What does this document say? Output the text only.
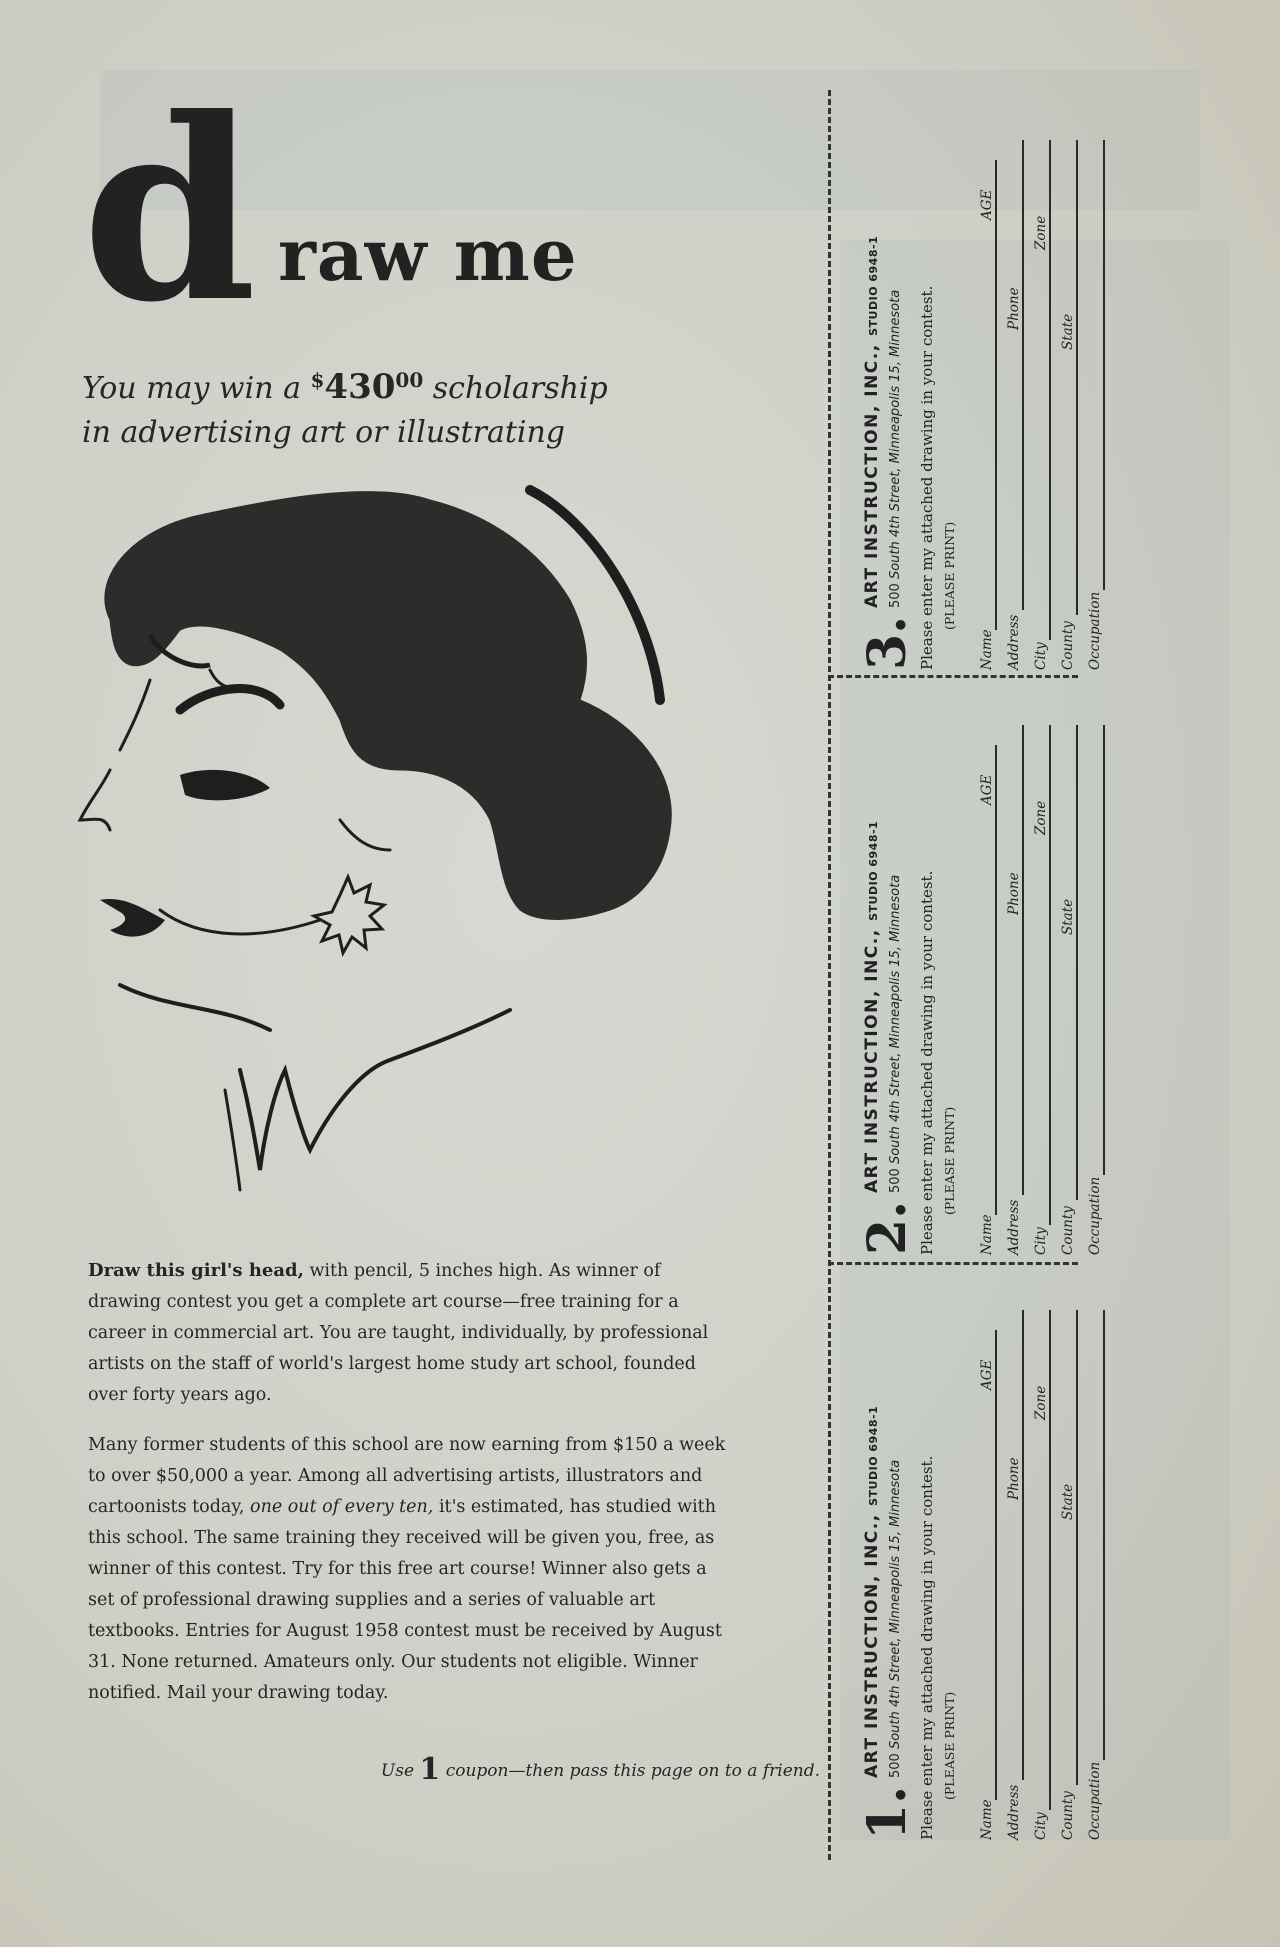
d raw me
You may win a $^{\$}430^{00}$ scholarship
in advertising art or illustrating
Draw this girl's head, with pencil, 5 inches high. As winner of drawing contest you get a complete art course—free training for a career in commercial art. You are taught, individually, by professional artists on the staff of world's largest home study art school, founded over forty years ago.
Many former students of this school are now earning from $150 a week to over $50,000 a year. Among all advertising artists, illustrators and cartoonists today, one out of every ten, it's estimated, has studied with this school. The same training they received will be given you, free, as winner of this contest. Try for this free art course! Winner also gets a set of professional drawing supplies and a series of valuable art textbooks. Entries for August 1958 contest must be received by August 31. None returned. Amateurs only. Our students not eligible. Winner notified. Mail your drawing today.
Use 1 coupon—then pass this page on to a friend.
3.
ART INSTRUCTION, INC., STUDIO 6948-1
500 South 4th Street, Minneapolis 15, Minnesota Please enter my attached drawing in your contest. (PLEASE PRINT)
Name
AGE
Address
Phone
City
Zone
County
State
Occupation
2.
ART INSTRUCTION, INC., STUDIO 6948-1
500 South 4th Street, Minneapolis 15, Minnesota Please enter my attached drawing in your contest. (PLEASE PRINT)
Name
AGE
Address
Phone
City
Zone
County
State
Occupation
1.
ART INSTRUCTION, INC., STUDIO 6948-1
500 South 4th Street, Minneapolis 15, Minnesota Please enter my attached drawing in your contest. (PLEASE PRINT)
Name
AGE
Address
Phone
City
Zone
County
State
Occupation
